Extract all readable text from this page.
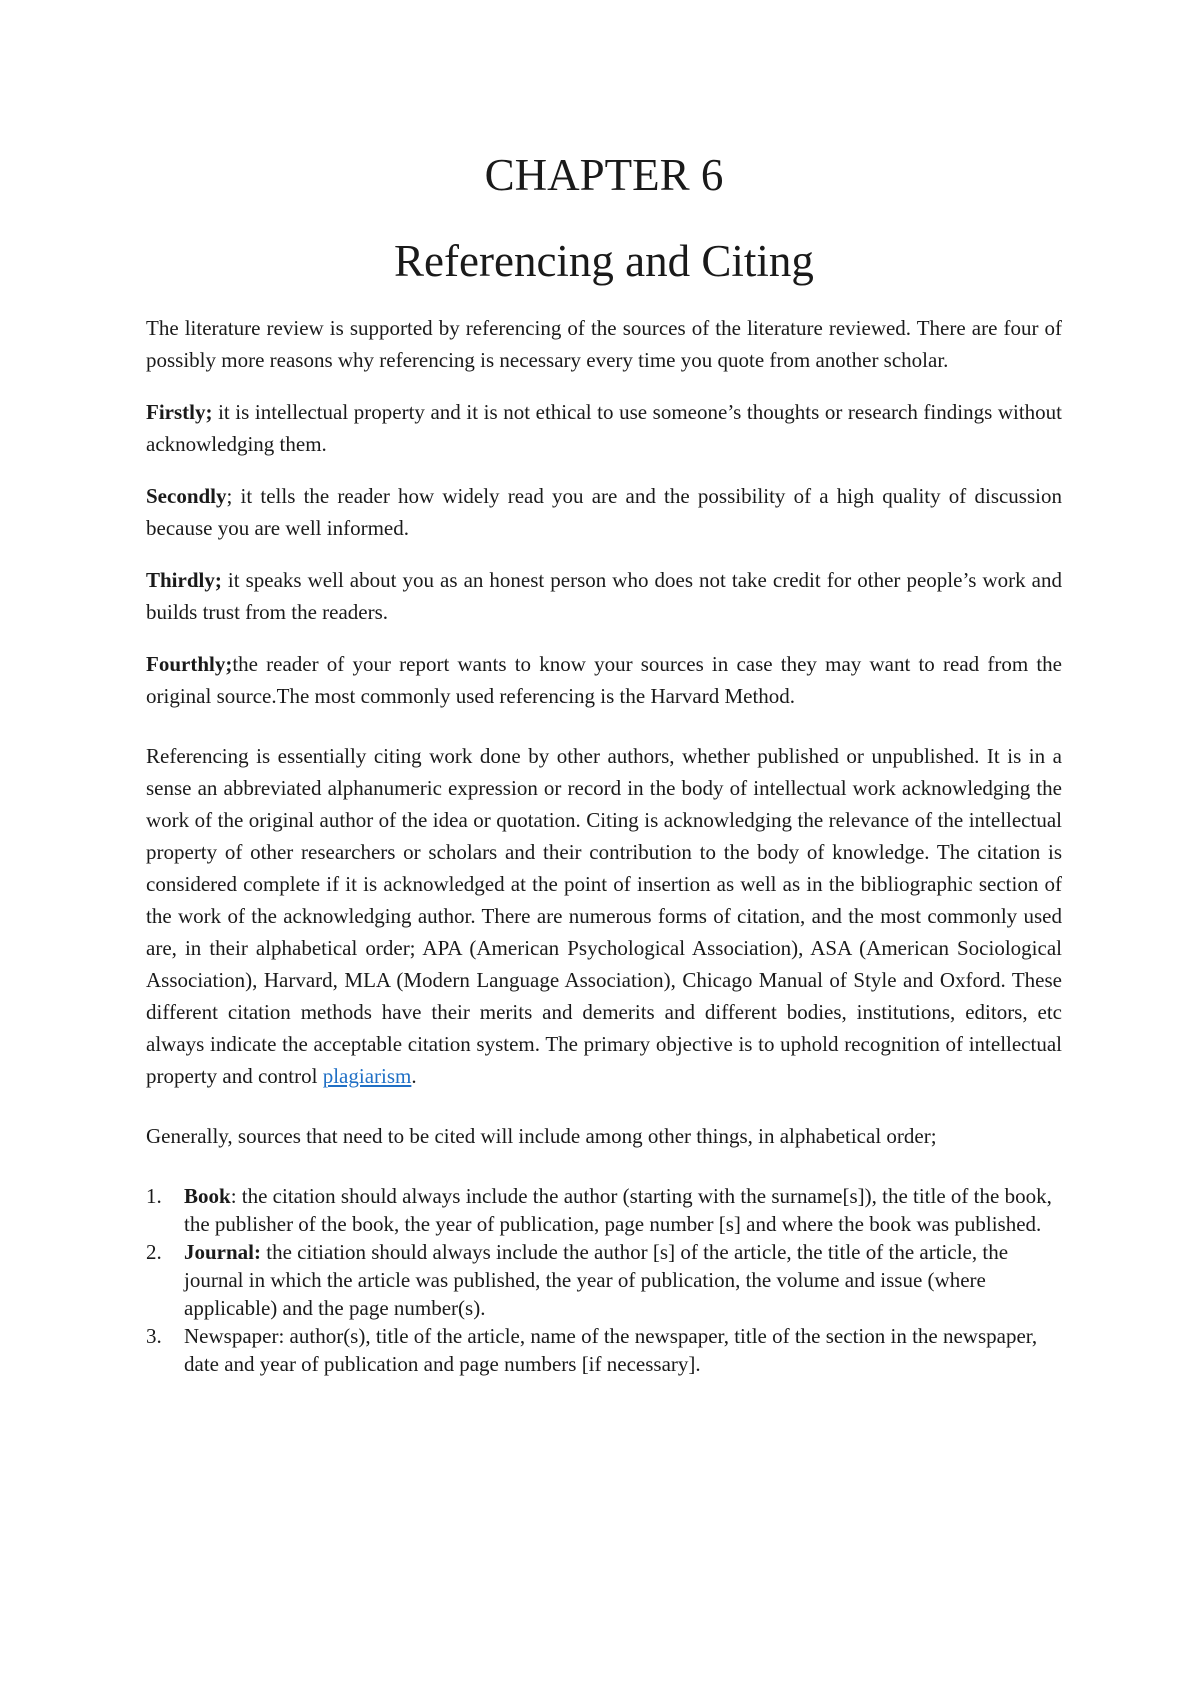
CHAPTER 6
Referencing and Citing

The literature review is supported by referencing of the sources of the literature reviewed. There are four of possibly more reasons why referencing is necessary every time you quote from another scholar.

Firstly; it is intellectual property and it is not ethical to use someone’s thoughts or research findings without acknowledging them.

Secondly; it tells the reader how widely read you are and the possibility of a high quality of discussion because you are well informed.

Thirdly; it speaks well about you as an honest person who does not take credit for other people’s work and builds trust from the readers.

Fourthly;the reader of your report wants to know your sources in case they may want to read from the original source.The most commonly used referencing is the Harvard Method.

Referencing is essentially citing work done by other authors, whether published or unpublished. It is in a sense an abbreviated alphanumeric expression or record in the body of intellectual work acknowledging the work of the original author of the idea or quotation. Citing is acknowledging the relevance of the intellectual property of other researchers or scholars and their contribution to the body of knowledge. The citation is considered complete if it is acknowledged at the point of insertion as well as in the bibliographic section of the work of the acknowledging author. There are numerous forms of citation, and the most commonly used are, in their alphabetical order; APA (American Psychological Association), ASA (American Sociological Association), Harvard, MLA (Modern Language Association), Chicago Manual of Style and Oxford. These different citation methods have their merits and demerits and different bodies, institutions, editors, etc always indicate the acceptable citation system. The primary objective is to uphold recognition of intellectual property and control plagiarism.

Generally, sources that need to be cited will include among other things, in alphabetical order;

1. Book: the citation should always include the author (starting with the surname[s]), the title of the book, the publisher of the book, the year of publication, page number [s] and where the book was published.
2. Journal: the citiation should always include the author [s] of the article, the title of the article, the journal in which the article was published, the year of publication, the volume and issue (where applicable) and the page number(s).
3. Newspaper: author(s), title of the article, name of the newspaper, title of the section in the newspaper, date and year of publication and page numbers [if necessary].
